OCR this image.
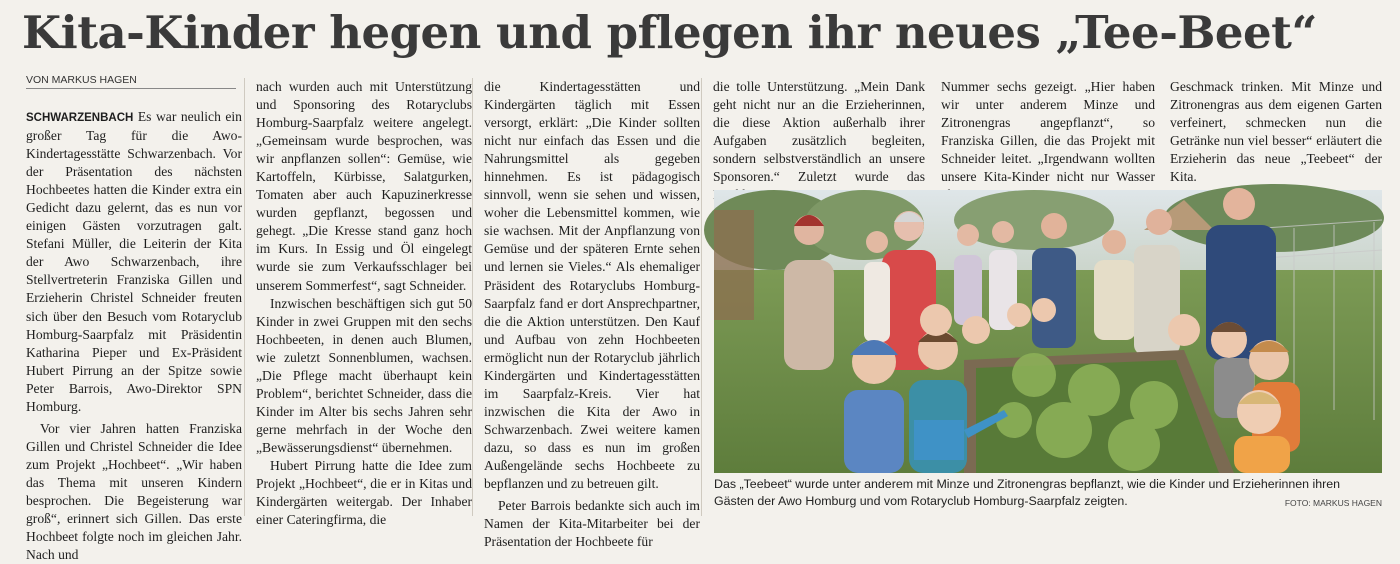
Kita-Kinder hegen und pflegen ihr neues „Tee-Beet“
VON MARKUS HAGEN

SCHWARZENBACH Es war neulich ein großer Tag für die Awo-Kindertagesstätte Schwarzenbach. Vor der Präsentation des nächsten Hochbeetes hatten die Kinder extra ein Gedicht dazu gelernt, das es nun vor einigen Gästen vorzutragen galt. Stefani Müller, die Leiterin der Kita der Awo Schwarzenbach, ihre Stellvertreterin Franziska Gillen und Erzieherin Christel Schneider freuten sich über den Besuch vom Rotaryclub Homburg-Saarpfalz mit Präsidentin Katharina Pieper und Ex-Präsident Hubert Pirrung an der Spitze sowie Peter Barrois, Awo-Direktor SPN Homburg.

Vor vier Jahren hatten Franziska Gillen und Christel Schneider die Idee zum Projekt „Hochbeet“. „Wir haben das Thema mit unseren Kindern besprochen. Die Begeisterung war groß“, erinnert sich Gillen. Das erste Hochbeet folgte noch im gleichen Jahr. Nach und

nach wurden auch mit Unterstützung und Sponsoring des Rotaryclubs Homburg-Saarpfalz weitere angelegt. „Gemeinsam wurde besprochen, was wir anpflanzen sollen“: Gemüse, wie Kartoffeln, Kürbisse, Salatgurken, Tomaten aber auch Kapuzinerkresse wurden gepflanzt, begossen und gehegt. „Die Kresse stand ganz hoch im Kurs. In Essig und Öl eingelegt wurde sie zum Verkaufsschlager bei unserem Sommerfest“, sagt Schneider.

Inzwischen beschäftigen sich gut 50 Kinder in zwei Gruppen mit den sechs Hochbeeten, in denen auch Blumen, wie zuletzt Sonnenblumen, wachsen. „Die Pflege macht überhaupt kein Problem“, berichtet Schneider, dass die Kinder im Alter bis sechs Jahren sehr gerne mehrfach in der Woche den „Bewässerungsdienst“ übernehmen.

Hubert Pirrung hatte die Idee zum Projekt „Hochbeet“, die er in Kitas und Kindergärten weitergab. Der Inhaber einer Cateringfirma, die

die Kindertagesstätten und Kindergärten täglich mit Essen versorgt, erklärt: „Die Kinder sollten nicht nur einfach das Essen und die Nahrungsmittel als gegeben hinnehmen. Es ist pädagogisch sinnvoll, wenn sie sehen und wissen, woher die Lebensmittel kommen, wie sie wachsen. Mit der Anpflanzung von Gemüse und der späteren Ernte sehen und lernen sie Vieles.“ Als ehemaliger Präsident des Rotaryclubs Homburg-Saarpfalz fand er dort Ansprechpartner, die die Aktion unterstützen. Den Kauf und Aufbau von zehn Hochbeeten ermöglicht nun der Rotaryclub jährlich Kindergärten und Kindertagesstätten im Saarpfalz-Kreis. Vier hat inzwischen die Kita der Awo in Schwarzenbach. Zwei weitere kamen dazu, so dass es nun im großen Außengelände sechs Hochbeete zu bepflanzen und zu betreuen gilt.

Peter Barrois bedankte sich auch im Namen der Kita-Mitarbeiter bei der Präsentation der Hochbeete für

die tolle Unterstützung. „Mein Dank geht nicht nur an die Erzieherinnen, die diese Aktion außerhalb ihrer Aufgaben zusätzlich begleiten, sondern selbstverständlich an unsere Sponsoren.“ Zuletzt wurde das

Nummer sechs gezeigt. „Hier haben wir unter anderem Minze und Zitronengras angepflanzt“, so Franziska Gillen, die das Projekt mit Schneider leitet. „Irgendwann wollten unsere Kita-Kinder nicht nur Wasser

Geschmack trinken. Mit Minze und Zitronengras aus dem eigenen Garten verfeinert, schmecken nun die Getränke nun viel besser“ erläutert die Erzieherin das neue „Teebeet“ der Kita.

Das „Teebeet“ wurde unter anderem mit Minze und Zitronengras bepflanzt, wie die Kinder und Erzieherinnen ihren Gästen der Awo Homburg und vom Rotaryclub Homburg-Saarpfalz zeigten.	FOTO: MARKUS HAGEN
